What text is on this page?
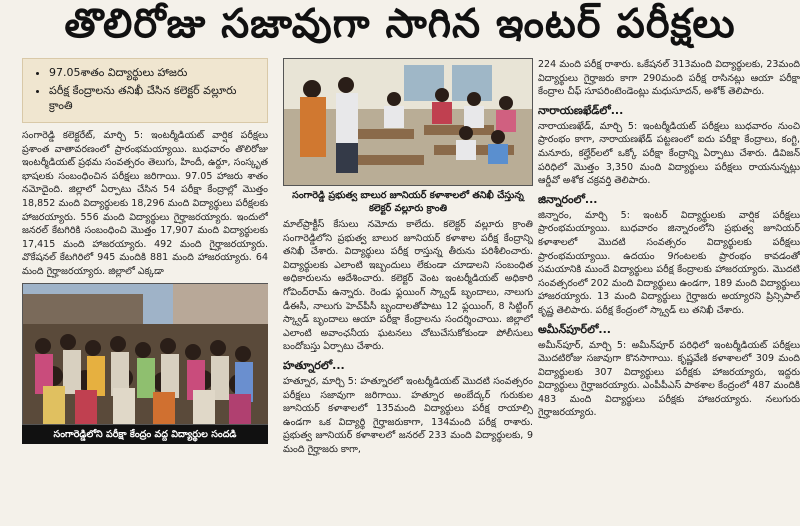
తొలిరోజు సజావుగా సాగిన ఇంటర్ పరీక్షలు
• 97.05శాతం విద్యార్థులు హాజరు
• పరీక్ష కేంద్రాలను తనిఖీ చేసిన కలెక్టర్ వల్లూరు క్రాంతి
సంగారెడ్డి కలెక్టరేట్, మార్చి 5: ఇంటర్మీడియట్ వార్షిక పరీక్షలు ప్రశాంత వాతావరణంలో ప్రారంభమయ్యాయి. బుధవారం తొలిరోజు ఇంటర్మీడియట్ ప్రథమ సంవత్సరం తెలుగు, హిందీ, ఉర్దూ, సంస్కృత భాషలకు సంబంధించిన పరీక్షలు జరిగాయి. 97.05 హాజరు శాతం నమోదైంది. జిల్లాలో ఏర్పాటు చేసిన 54 పరీక్షా కేంద్రాల్లో మొత్తం 18,852 మంది విద్యార్థులకు 18,296 మంది విద్యార్థులు పరీక్షలకు హాజరయ్యారు. 556 మంది విద్యార్థులు గైర్హాజరయ్యారు. ఇందులో జనరల్ కేటగిరికి సంబంధించి మొత్తం 17,907 మంది విద్యార్థులకు 17,415 మంది హాజరయ్యారు. 492 మంది గైర్హాజరయ్యారు. వొకేషనల్ కేటగిరిలో 945 మందికి 881 మంది హాజరయ్యారు. 64 మంది గైర్హాజరయ్యారు. జిల్లాలో ఎక్కడా
సంగారెడ్డిలోని పరీక్షా కేంద్రం వద్ద విద్యార్థుల సందడి
సంగారెడ్డి ప్రభుత్వ బాలుర జూనియర్ కళాశాలలో తనిఖీ చేస్తున్న కలెక్టర్ వల్లూరు క్రాంతి
మాల్‌ప్రాక్టీస్ కేసులు నమోదు కాలేదు. కలెక్టర్ వల్లూరు క్రాంతి సంగారెడ్డిలోని ప్రభుత్వ బాలుర జూనియర్ కళాశాల పరీక్ష కేంద్రాన్ని తనిఖీ చేశారు. విద్యార్థులు పరీక్ష రాస్తున్న తీరును పరిశీలించారు. విద్యార్థులకు ఎలాంటి ఇబ్బందులు లేకుండా చూడాలని సంబంధిత అధికారులను ఆదేశించారు. కలెక్టర్ వెంట ఇంటర్మీడియట్ అధికారి గోవింద్‌రామ్ ఉన్నారు. రెండు ఫ్లయింగ్ స్క్వాడ్ బృందాలు, నాలుగు డీఈసీ, నాలుగు హెచ్‌పీసీ బృందాలతోపాటు 12 ఫ్లయింగ్, 8 సిట్టింగ్ స్క్వాడ్ బృందాలు ఆయా పరీక్షా కేంద్రాలను సందర్శించాయి. జిల్లాలో ఎలాంటి అవాంఛనీయ ఘటనలు చోటుచేసుకోకుండా పోలీసులు బందోబస్తు ఏర్పాటు చేశారు.
హత్నూరలో...
హత్నూర, మార్చి 5: హత్నూరలో ఇంటర్మీడియట్ మొదటి సంవత్సరం పరీక్షలు సజావుగా జరిగాయి. హత్నూర అంబేద్కర్ గురుకుల జూనియర్ కళాశాలలో 135మంది విద్యార్థులు పరీక్ష రాయాల్సి ఉండగా ఒక విద్యార్థి గైర్హాజరుకాగా, 134మంది పరీక్ష రాశారు. ప్రభుత్వ జూనియర్ కళాశాలలో జనరల్ 233 మంది విద్యార్థులకు, 9 మంది గైర్హాజరు కాగా,
224 మంది పరీక్ష రాశారు. ఒకేషనల్ 313మంది విద్యార్థులకు, 23మంది విద్యార్థులు గైర్హాజరు కాగా 290మంది పరీక్ష రాసినట్లు ఆయా పరీక్షా కేంద్రాల చీఫ్ సూపరింటెండెంట్లు మధుసూదన్, అశోక్ తెలిపారు.
నారాయణఖేడ్‌లో...
నారాయణఖేడ్, మార్చి 5: ఇంటర్మీడియట్ పరీక్షలు బుధవారం నుంచి ప్రారంభం కాగా, నారాయణఖేడ్ పట్టణంలో ఐదు పరీక్షా కేంద్రాలు, కంగ్టి, మనూరు, కల్హేర్‌లలో ఒక్కో పరీక్షా కేంద్రాన్ని ఏర్పాటు చేశారు. డివిజన్ పరిధిలో మొత్తం 3,350 మంది విద్యార్థులు పరీక్షలు రాయనున్నట్లు ఆర్డీవో అశోక చక్రవర్తి తెలిపారు.
జిన్నారంలో...
జిన్నారం, మార్చి 5: ఇంటర్ విద్యార్థులకు వార్షిక పరీక్షలు ప్రారంభమయ్యాయి. బుధవారం జిన్నారంలోని ప్రభుత్వ జూనియర్ కళాశాలలో మొదటి సంవత్సరం విద్యార్థులకు పరీక్షలు ప్రారంభమయ్యాయి. ఉదయం 9గంటలకు ప్రారంభం కావడంతో సమయానికి ముందే విద్యార్థులు పరీక్ష కేంద్రాలకు హాజరయ్యారు. మొదటి సంవత్సరంలో 202 మంది విద్యార్థులు ఉండగా, 189 మంది విద్యార్థులు హాజరయ్యారు. 13 మంది విద్యార్థులు గైర్హాజరు అయ్యారని ప్రిన్సిపాల్ కృష్ణ తెలిపారు. పరీక్ష కేంద్రంలో స్క్వాడ్ లు తనిఖీ చేశారు.
అమీన్‌పూర్‌లో...
అమీన్‌పూర్, మార్చి 5: అమీన్‌పూర్ పరిధిలో ఇంటర్మీడియట్ పరీక్షలు మొదటిరోజు సజావుగా కొనసాగాయి. కృష్ణవేణి కళాశాలలో 309 మంది విద్యార్థులకు 307 విద్యార్థులు పరీక్షకు హాజరయ్యారు, ఇద్దరు విద్యార్థులు గైర్హాజరయ్యారు. ఎంపీపీఎస్ పాఠశాల కేంద్రంలో 487 మందికి 483 మంది విద్యార్థులు పరీక్షకు హాజరయ్యారు. నలుగురు గైర్హాజరయ్యారు.
